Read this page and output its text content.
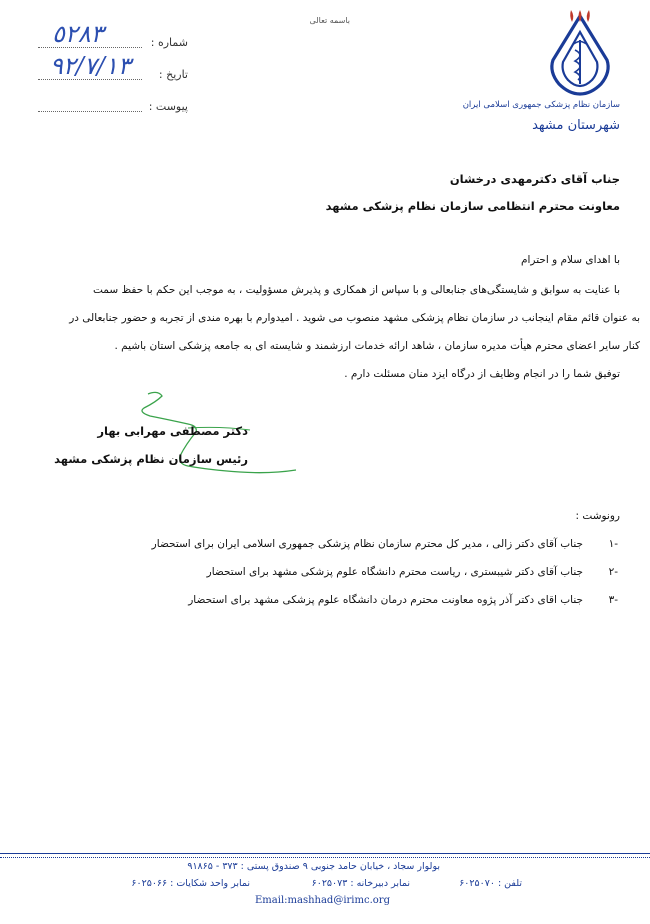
باسمه تعالی
شماره :
٥٢٨٣
تاریخ :
٩٢/٧/١٣
پیوست :	سازمان نظام پزشکی جمهوری اسلامی ایران
شهرستان مشهد
جناب آقای دکترمهدی درخشان
معاونت محترم انتظامی سازمان نظام پزشکی مشهد
با اهدای سلام و احترام
با عنایت به سوابق و شایستگی‌های جنابعالی و با سپاس از همکاری و پذیرش مسؤولیت ، به موجب این حکم با حفظ سمت
به عنوان قائم مقام اینجانب در سازمان نظام پزشکی مشهد منصوب می شوید . امیدوارم با بهره مندی از تجربه و حضور جنابعالی در
کنار سایر اعضای محترم هیأت مدیره سازمان ، شاهد ارائه خدمات ارزشمند و شایسته ای به جامعه پزشکی استان باشیم .
توفیق شما را در انجام وظایف از درگاه ایزد منان مسئلت دارم .
دکتر مصطفی مهرابی بهار
رئیس سازمان نظام پزشکی مشهد
رونوشت :
١-
جناب آقای دکتر زالی ، مدیر کل محترم سازمان نظام پزشکی جمهوری اسلامی ایران برای استحضار
٢-
جناب آقای دکتر شیبستری ، ریاست محترم دانشگاه علوم پزشکی مشهد برای استحضار
٣-
جناب اقای دکتر آذر پژوه معاونت محترم درمان دانشگاه علوم پزشکی مشهد برای استحضار
بولوار سجاد ، خیابان حامد جنوبی ۹ صندوق پستی : ۳۷۳ - ۹۱۸۶۵
تلفن : ۶۰۲۵۰۷۰
نمابر دبیرخانه : ۶۰۲۵۰۷۳
نمابر واحد شکایات : ۶۰۲۵۰۶۶
Email:mashhad@irimc.org
